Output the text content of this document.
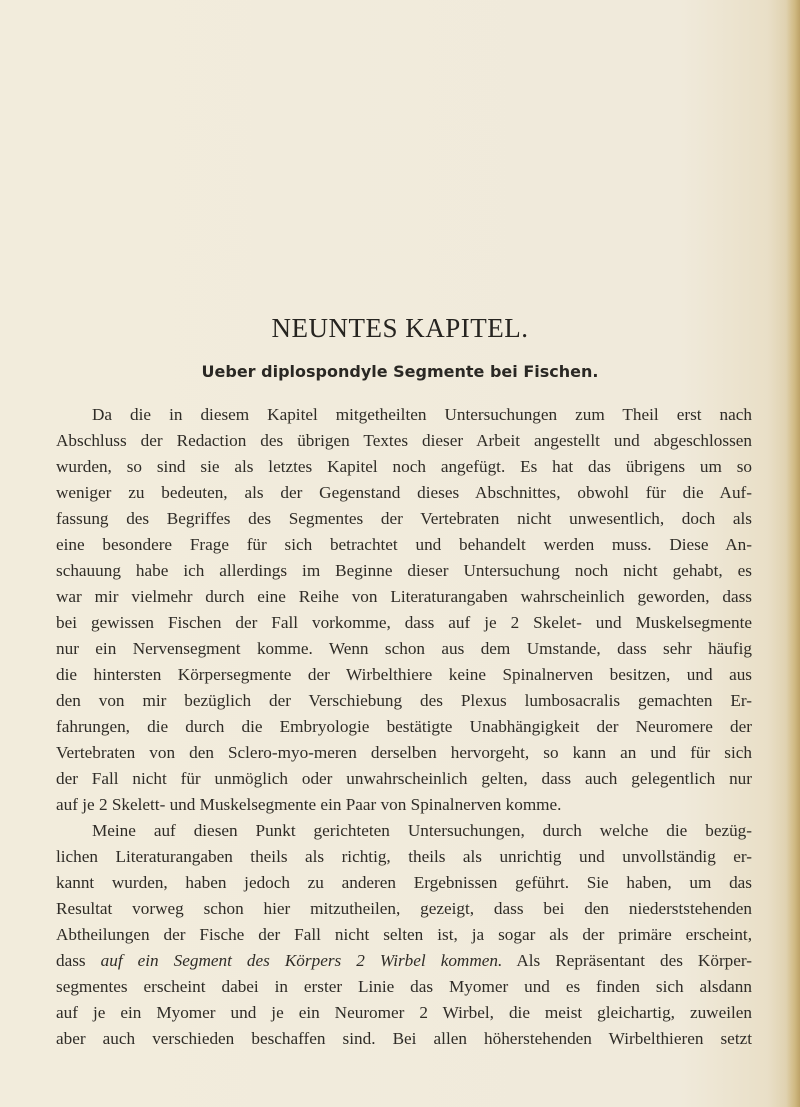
NEUNTES KAPITEL.
Ueber diplospondyle Segmente bei Fischen.
Da die in diesem Kapitel mitgetheilten Untersuchungen zum Theil erst nach
Abschluss der Redaction des übrigen Textes dieser Arbeit angestellt und abgeschlossen
wurden, so sind sie als letztes Kapitel noch angefügt. Es hat das übrigens um so
weniger zu bedeuten, als der Gegenstand dieses Abschnittes, obwohl für die Auf-
fassung des Begriffes des Segmentes der Vertebraten nicht unwesentlich, doch als
eine besondere Frage für sich betrachtet und behandelt werden muss. Diese An-
schauung habe ich allerdings im Beginne dieser Untersuchung noch nicht gehabt, es
war mir vielmehr durch eine Reihe von Literaturangaben wahrscheinlich geworden, dass
bei gewissen Fischen der Fall vorkomme, dass auf je 2 Skelet- und Muskelsegmente
nur ein Nervensegment komme. Wenn schon aus dem Umstande, dass sehr häufig
die hintersten Körpersegmente der Wirbelthiere keine Spinalnerven besitzen, und aus
den von mir bezüglich der Verschiebung des Plexus lumbosacralis gemachten Er-
fahrungen, die durch die Embryologie bestätigte Unabhängigkeit der Neuromere der
Vertebraten von den Sclero-myo-meren derselben hervorgeht, so kann an und für sich
der Fall nicht für unmöglich oder unwahrscheinlich gelten, dass auch gelegentlich nur
auf je 2 Skelett- und Muskelsegmente ein Paar von Spinalnerven komme.
Meine auf diesen Punkt gerichteten Untersuchungen, durch welche die bezüg-
lichen Literaturangaben theils als richtig, theils als unrichtig und unvollständig er-
kannt wurden, haben jedoch zu anderen Ergebnissen geführt. Sie haben, um das
Resultat vorweg schon hier mitzutheilen, gezeigt, dass bei den niederststehenden
Abtheilungen der Fische der Fall nicht selten ist, ja sogar als der primäre erscheint,
dass auf ein Segment des Körpers 2 Wirbel kommen. Als Repräsentant des Körper-
segmentes erscheint dabei in erster Linie das Myomer und es finden sich alsdann
auf je ein Myomer und je ein Neuromer 2 Wirbel, die meist gleichartig, zuweilen
aber auch verschieden beschaffen sind. Bei allen höherstehenden Wirbelthieren setzt
